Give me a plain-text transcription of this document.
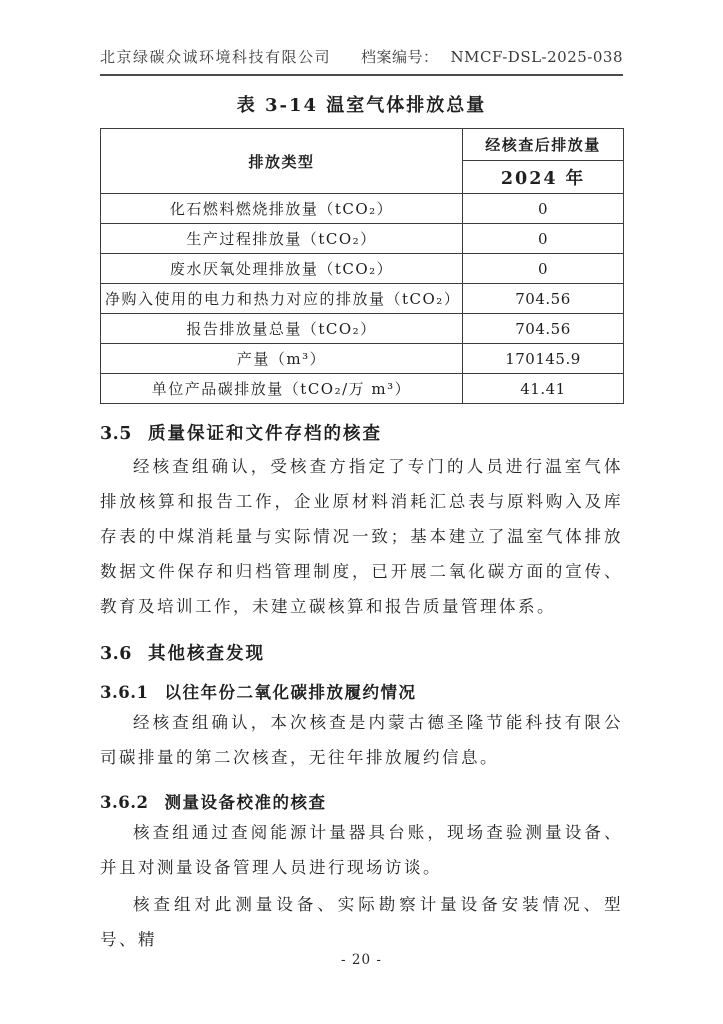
北京绿碳众诚环境科技有限公司 档案编号： NMCF-DSL-2025-038
表 3-14 温室气体排放总量
排放类型	经核查后排放量
	2024 年
化石燃料燃烧排放量（tCO₂）	0
生产过程排放量（tCO₂）	0
废水厌氧处理排放量（tCO₂）	0
净购入使用的电力和热力对应的排放量（tCO₂）	704.56
报告排放量总量（tCO₂）	704.56
产量（m³）	170145.9
单位产品碳排放量（tCO₂/万 m³）	41.41
3.5 质量保证和文件存档的核查

经核查组确认，受核查方指定了专门的人员进行温室气体排放核算和报告工作，企业原材料消耗汇总表与原料购入及库存表的中煤消耗量与实际情况一致；基本建立了温室气体排放数据文件保存和归档管理制度，已开展二氧化碳方面的宣传、教育及培训工作，未建立碳核算和报告质量管理体系。

3.6 其他核查发现
3.6.1 以往年份二氧化碳排放履约情况

经核查组确认，本次核查是内蒙古德圣隆节能科技有限公司碳排量的第二次核查，无往年排放履约信息。

3.6.2 测量设备校准的核查

核查组通过查阅能源计量器具台账，现场查验测量设备、并且对测量设备管理人员进行现场访谈。

核查组对此测量设备、实际勘察计量设备安装情况、型号、精

- 20 -
